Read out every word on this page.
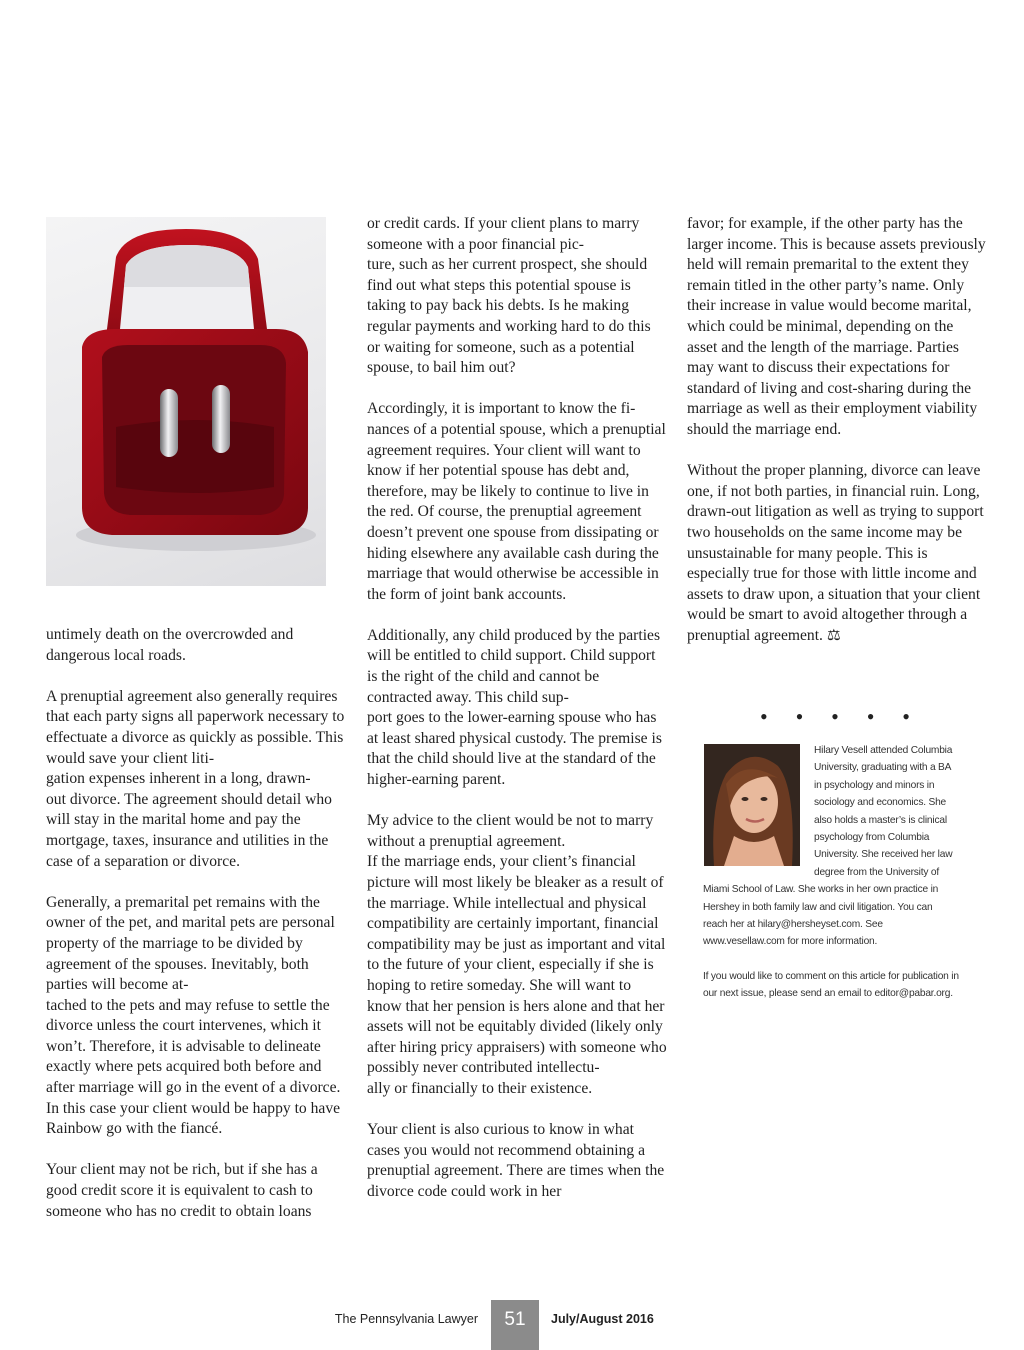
untimely death on the overcrowded and dangerous local roads.

A prenuptial agreement also generally requires that each party signs all paperwork necessary to effectuate a divorce as quickly as possible. This would save your client liti-
gation expenses inherent in a long, drawn-
out divorce. The agreement should detail who will stay in the marital home and pay the mortgage, taxes, insurance and utilities in the case of a separation or divorce.

Generally, a premarital pet remains with the owner of the pet, and marital pets are personal property of the marriage to be divided by agreement of the spouses. Inevitably, both parties will become at-
tached to the pets and may refuse to settle the divorce unless the court intervenes, which it won’t. Therefore, it is advisable to delineate exactly where pets acquired both before and after marriage will go in the event of a divorce. In this case your client would be happy to have Rainbow go with the fiancé.

Your client may not be rich, but if she has a good credit score it is equivalent to cash to someone who has no credit to obtain loans

or credit cards. If your client plans to marry someone with a poor financial pic-
ture, such as her current prospect, she should find out what steps this potential spouse is taking to pay back his debts. Is he making regular payments and working hard to do this or waiting for someone, such as a potential spouse, to bail him out?

Accordingly, it is important to know the fi-
nances of a potential spouse, which a prenuptial agreement requires. Your client will want to know if her potential spouse has debt and, therefore, may be likely to continue to live in the red. Of course, the prenuptial agreement doesn’t prevent one spouse from dissipating or hiding elsewhere any available cash during the marriage that would otherwise be accessible in the form of joint bank accounts.

Additionally, any child produced by the parties will be entitled to child support. Child support is the right of the child and cannot be contracted away. This child sup-
port goes to the lower-earning spouse who has at least shared physical custody. The premise is that the child should live at the standard of the higher-earning parent.

My advice to the client would be not to marry without a prenuptial agreement.
If the marriage ends, your client’s financial picture will most likely be bleaker as a result of the marriage. While intellectual and physical compatibility are certainly important, financial compatibility may be just as important and vital to the future of your client, especially if she is hoping to retire someday. She will want to know that her pension is hers alone and that her assets will not be equitably divided (likely only after hiring pricy appraisers) with someone who possibly never contributed intellectu-
ally or financially to their existence.

Your client is also curious to know in what cases you would not recommend obtaining a prenuptial agreement. There are times when the divorce code could work in her

favor; for example, if the other party has the larger income. This is because assets previously held will remain premarital to the extent they remain titled in the other party’s name. Only their increase in value would become marital, which could be minimal, depending on the asset and the length of the marriage. Parties may want to discuss their expectations for standard of living and cost-sharing during the marriage as well as their employment viability should the marriage end.

Without the proper planning, divorce can leave one, if not both parties, in financial ruin. Long, drawn-out litigation as well as trying to support two households on the same income may be unsustainable for many people. This is especially true for those with little income and assets to draw upon, a situation that your client would be smart to avoid altogether through a prenuptial agreement. ⚖

• • • • •

Hilary Vesell attended Columbia University, graduating with a BA in psychology and minors in sociology and economics. She also holds a master’s is clinical psychology from Columbia University. She received her law degree from the University of Miami School of Law. She works in her own practice in Hershey in both family law and civil litigation. You can reach her at hilary@hersheyset.com. See www.vesellaw.com for more information.

If you would like to comment on this article for publication in our next issue, please send an email to editor@pabar.org.

The Pennsylvania Lawyer	51	July/August 2016
